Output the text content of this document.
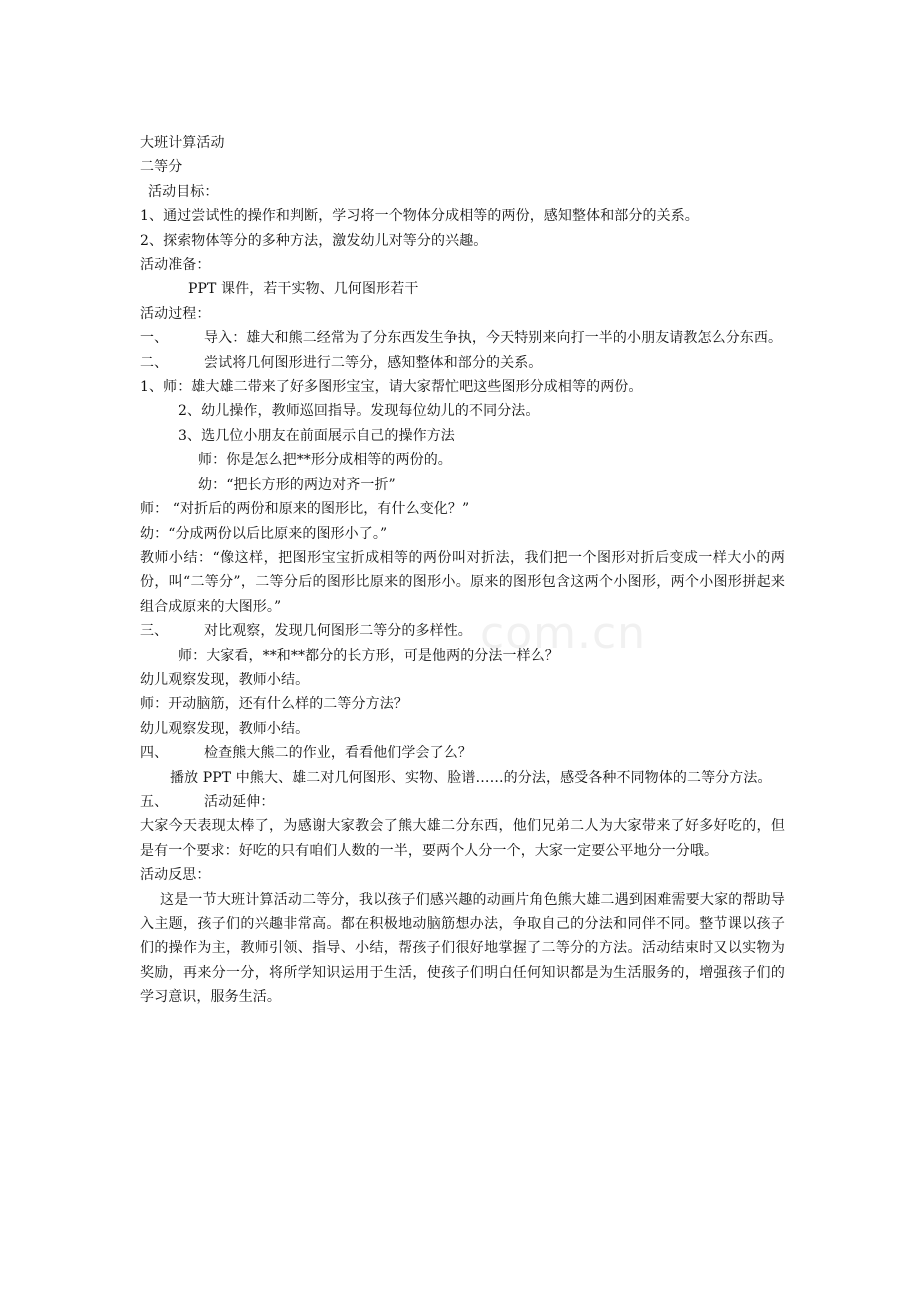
com.cn
大班计算活动
二等分
活动目标：
1、通过尝试性的操作和判断，学习将一个物体分成相等的两份，感知整体和部分的关系。
2、探索物体等分的多种方法，激发幼儿对等分的兴趣。
活动准备：
PPT 课件，若干实物、几何图形若干
活动过程：
一、	导入：雄大和熊二经常为了分东西发生争执，今天特别来向打一半的小朋友请教怎么分东西。
二、	尝试将几何图形进行二等分，感知整体和部分的关系。
1、师：雄大雄二带来了好多图形宝宝，请大家帮忙吧这些图形分成相等的两份。
2、幼儿操作，教师巡回指导。发现每位幼儿的不同分法。
3、选几位小朋友在前面展示自己的操作方法
师：你是怎么把**形分成相等的两份的。
幼：“把长方形的两边对齐一折”
师： “对折后的两份和原来的图形比，有什么变化？”
幼：“分成两份以后比原来的图形小了。”
教师小结：“像这样，把图形宝宝折成相等的两份叫对折法，我们把一个图形对折后变成一样大小的两份，叫“二等分”，二等分后的图形比原来的图形小。原来的图形包含这两个小图形，两个小图形拼起来组合成原来的大图形。”
三、	对比观察，发现几何图形二等分的多样性。
师：大家看，**和**都分的长方形，可是他两的分法一样么？
幼儿观察发现，教师小结。
师：开动脑筋，还有什么样的二等分方法？
幼儿观察发现，教师小结。
四、	检查熊大熊二的作业，看看他们学会了么？
播放 PPT 中熊大、雄二对几何图形、实物、脸谱……的分法，感受各种不同物体的二等分方法。
五、	活动延伸：
大家今天表现太棒了，为感谢大家教会了熊大雄二分东西，他们兄弟二人为大家带来了好多好吃的，但是有一个要求：好吃的只有咱们人数的一半，要两个人分一个，大家一定要公平地分一分哦。
活动反思：
这是一节大班计算活动二等分，我以孩子们感兴趣的动画片角色熊大雄二遇到困难需要大家的帮助导入主题，孩子们的兴趣非常高。都在积极地动脑筋想办法，争取自己的分法和同伴不同。整节课以孩子们的操作为主，教师引领、指导、小结，帮孩子们很好地掌握了二等分的方法。活动结束时又以实物为奖励，再来分一分，将所学知识运用于生活，使孩子们明白任何知识都是为生活服务的，增强孩子们的学习意识，服务生活。
